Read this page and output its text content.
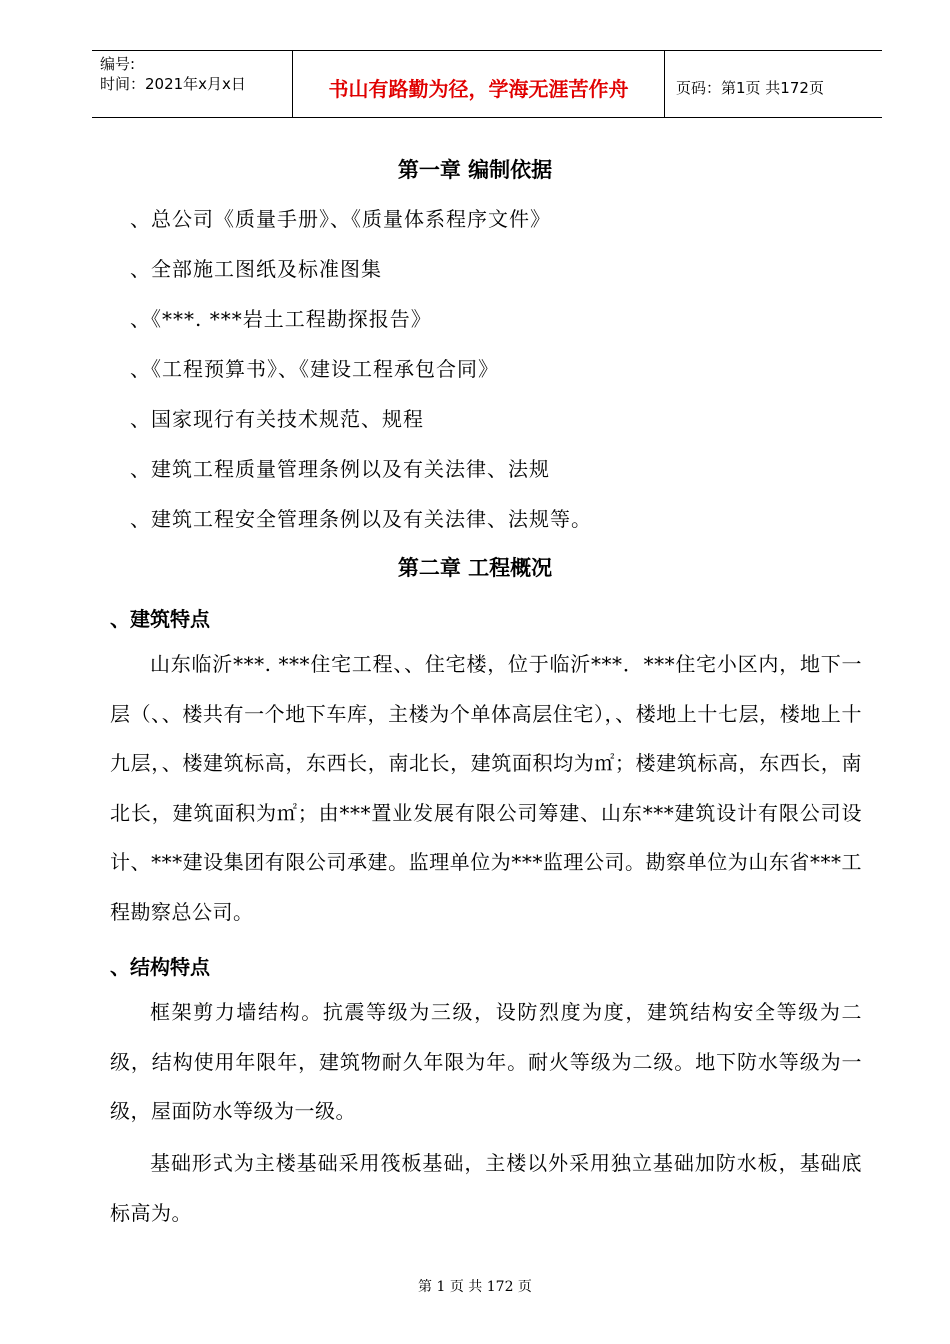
编号:
时间：2021年x月x日	书山有路勤为径，学海无涯苦作舟	页码：第1页 共172页
第一章 编制依据
、总公司《质量手册》、《质量体系程序文件》
、全部施工图纸及标准图集
、《***. ***岩土工程勘探报告》
、《工程预算书》、《建设工程承包合同》
、国家现行有关技术规范、规程
、建筑工程质量管理条例以及有关法律、法规
、建筑工程安全管理条例以及有关法律、法规等。
第二章 工程概况
、建筑特点
山东临沂***. ***住宅工程、、住宅楼，位于临沂***．***住宅小区内，地下一层（、、楼共有一个地下车库，主楼为个单体高层住宅），、楼地上十七层，楼地上十九层，、楼建筑标高，东西长，南北长，建筑面积均为㎡；楼建筑标高，东西长，南北长，建筑面积为㎡；由***置业发展有限公司筹建、山东***建筑设计有限公司设计、***建设集团有限公司承建。监理单位为***监理公司。勘察单位为山东省***工程勘察总公司。
、结构特点
框架剪力墙结构。抗震等级为三级，设防烈度为度，建筑结构安全等级为二级，结构使用年限年，建筑物耐久年限为年。耐火等级为二级。地下防水等级为一级，屋面防水等级为一级。
基础形式为主楼基础采用筏板基础，主楼以外采用独立基础加防水板，基础底标高为。
第 1 页 共 172 页
